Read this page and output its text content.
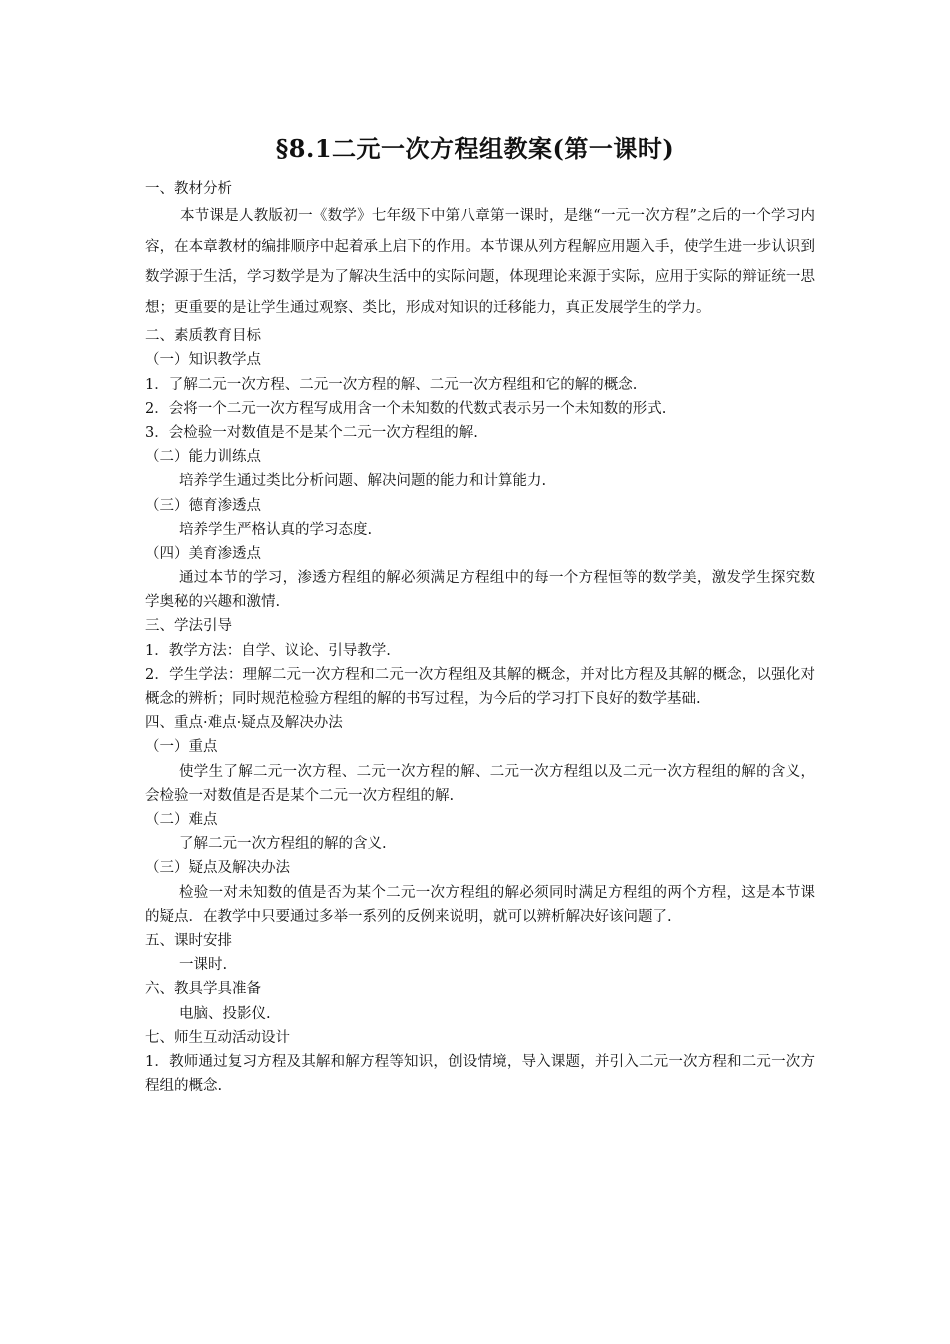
§8.1二元一次方程组教案(第一课时)
一、教材分析
本节课是人教版初一《数学》七年级下中第八章第一课时，是继“一元一次方程”之后的一个学习内容，在本章教材的编排顺序中起着承上启下的作用。本节课从列方程解应用题入手，使学生进一步认识到数学源于生活，学习数学是为了解决生活中的实际问题，体现理论来源于实际，应用于实际的辩证统一思想；更重要的是让学生通过观察、类比，形成对知识的迁移能力，真正发展学生的学力。
二、素质教育目标
（一）知识教学点
1．了解二元一次方程、二元一次方程的解、二元一次方程组和它的解的概念.
2．会将一个二元一次方程写成用含一个未知数的代数式表示另一个未知数的形式.
3．会检验一对数值是不是某个二元一次方程组的解.
（二）能力训练点
培养学生通过类比分析问题、解决问题的能力和计算能力.
（三）德育渗透点
培养学生严格认真的学习态度.
（四）美育渗透点
通过本节的学习，渗透方程组的解必须满足方程组中的每一个方程恒等的数学美，激发学生探究数学奥秘的兴趣和激情.
三、学法引导
1．教学方法：自学、议论、引导教学.
2．学生学法：理解二元一次方程和二元一次方程组及其解的概念，并对比方程及其解的概念，以强化对概念的辨析；同时规范检验方程组的解的书写过程，为今后的学习打下良好的数学基础.
四、重点·难点·疑点及解决办法
（一）重点
使学生了解二元一次方程、二元一次方程的解、二元一次方程组以及二元一次方程组的解的含义，会检验一对数值是否是某个二元一次方程组的解.
（二）难点
了解二元一次方程组的解的含义.
（三）疑点及解决办法
检验一对未知数的值是否为某个二元一次方程组的解必须同时满足方程组的两个方程，这是本节课的疑点．在教学中只要通过多举一系列的反例来说明，就可以辨析解决好该问题了.
五、课时安排
一课时.
六、教具学具准备
电脑、投影仪.
七、师生互动活动设计
1．教师通过复习方程及其解和解方程等知识，创设情境，导入课题，并引入二元一次方程和二元一次方程组的概念.
